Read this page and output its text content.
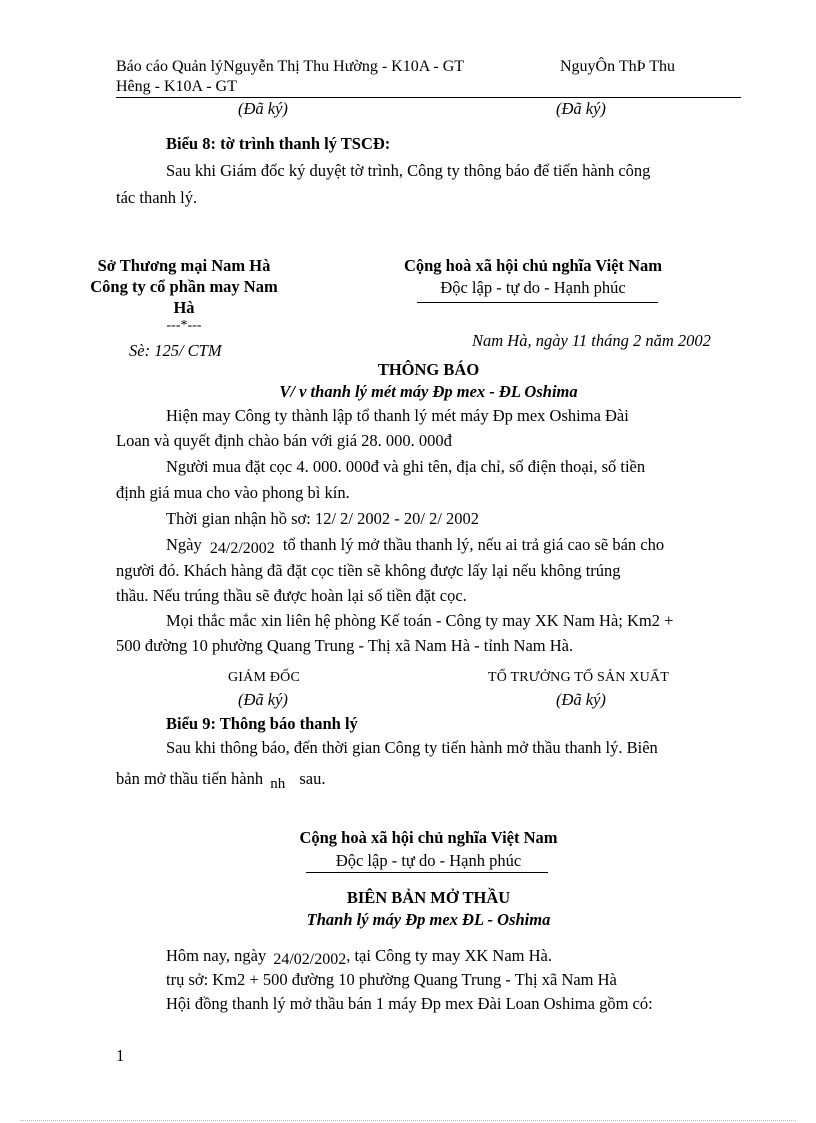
Báo cáo Quản lýNguyễn Thị Thu Hường - K10A - GT	NguyÔn ThÞ Thu
Hêng - K10A - GT
(Đã ký)	(Đã ký)
Biểu 8: tờ trình thanh lý TSCĐ:
Sau khi Giám đốc ký duyệt tờ trình, Công ty thông báo để tiến hành công
tác thanh lý.
Sở Thương mại Nam Hà
Công ty cổ phần may Nam
Hà
---*---
Sè: 125/ CTM
Cộng hoà xã hội chủ nghĩa Việt Nam
Độc lập - tự do - Hạnh phúc
Nam Hà, ngày 11 tháng 2 năm 2002
THÔNG BÁO
V/ v thanh lý mét máy Đp mex - ĐL Oshima
Hiện may Công ty thành lập tổ thanh lý mét máy Đp mex Oshima Đài
Loan và quyết định chào bán với giá 28. 000. 000đ
Người mua đặt cọc 4. 000. 000đ và ghi tên, địa chỉ, số điện thoại, số tiền
định giá mua cho vào phong bì kín.
Thời gian nhận hồ sơ: 12/ 2/ 2002 - 20/ 2/ 2002
Ngày 24/2/2002 tổ thanh lý mở thầu thanh lý, nếu ai trả giá cao sẽ bán cho
người đó. Khách hàng đã đặt cọc tiền sẽ không được lấy lại nếu không trúng
thầu. Nếu trúng thầu sẽ được hoàn lại số tiền đặt cọc.
Mọi thắc mắc xin liên hệ phòng Kế toán - Công ty may XK Nam Hà; Km2 +
500 đường 10 phường Quang Trung - Thị xã Nam Hà - tỉnh Nam Hà.
GIÁM ĐỐC	TỔ TRƯỞNG TỔ SẢN XUẤT
(Đã ký)	(Đã ký)
Biểu 9: Thông báo thanh lý
Sau khi thông báo, đến thời gian Công ty tiến hành mở thầu thanh lý. Biên
bản mở thầu tiến hành nh sau.
Cộng hoà xã hội chủ nghĩa Việt Nam
Độc lập - tự do - Hạnh phúc
BIÊN BẢN MỞ THẦU
Thanh lý máy Đp mex ĐL - Oshima
Hôm nay, ngày 24/02/2002, tại Công ty may XK Nam Hà.
trụ sở: Km2 + 500 đường 10 phường Quang Trung - Thị xã Nam Hà
Hội đồng thanh lý mở thầu bán 1 máy Đp mex Đài Loan Oshima gồm có:
1
